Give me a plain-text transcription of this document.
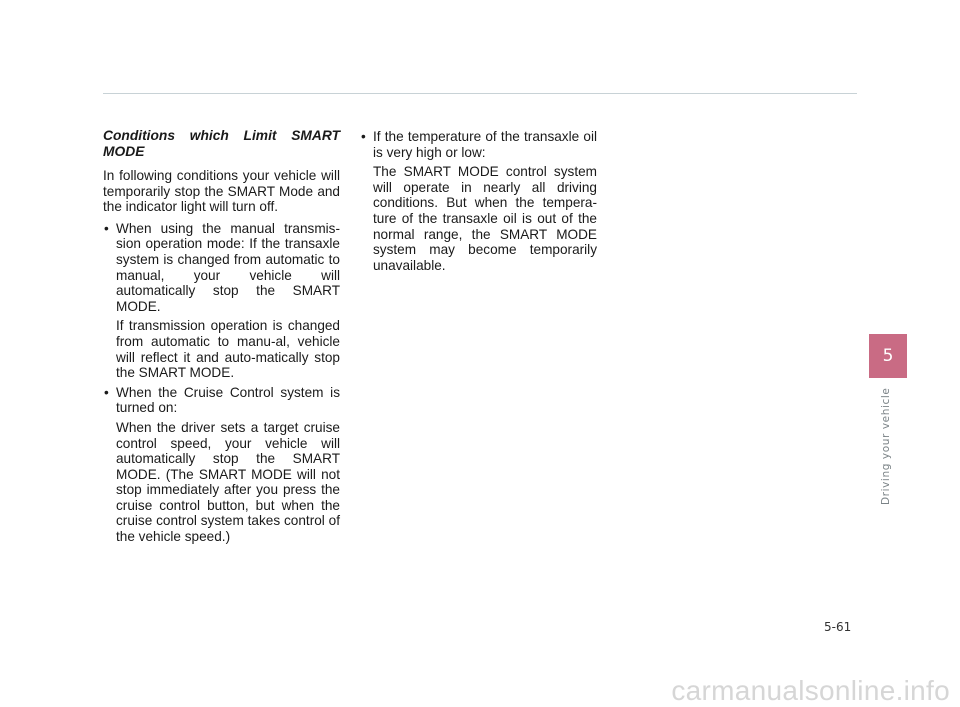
Conditions which Limit SMART MODE
In following conditions your vehicle will temporarily stop the SMART Mode and the indicator light will turn off.
• When using the manual transmis-sion operation mode: If the transaxle system is changed from automatic to manual, your vehicle will automatically stop the SMART MODE.
If transmission operation is changed from automatic to manu-al, vehicle will reflect it and auto-matically stop the SMART MODE.
• When the Cruise Control system is turned on:
When the driver sets a target cruise control speed, your vehicle will automatically stop the SMART MODE. (The SMART MODE will not stop immediately after you press the cruise control button, but when the cruise control system takes control of the vehicle speed.)
• If the temperature of the transaxle oil is very high or low:
The SMART MODE control system will operate in nearly all driving conditions. But when the tempera-ture of the transaxle oil is out of the normal range, the SMART MODE system may become temporarily unavailable.
5
Driving your vehicle
5-61
carmanualsonline.info
